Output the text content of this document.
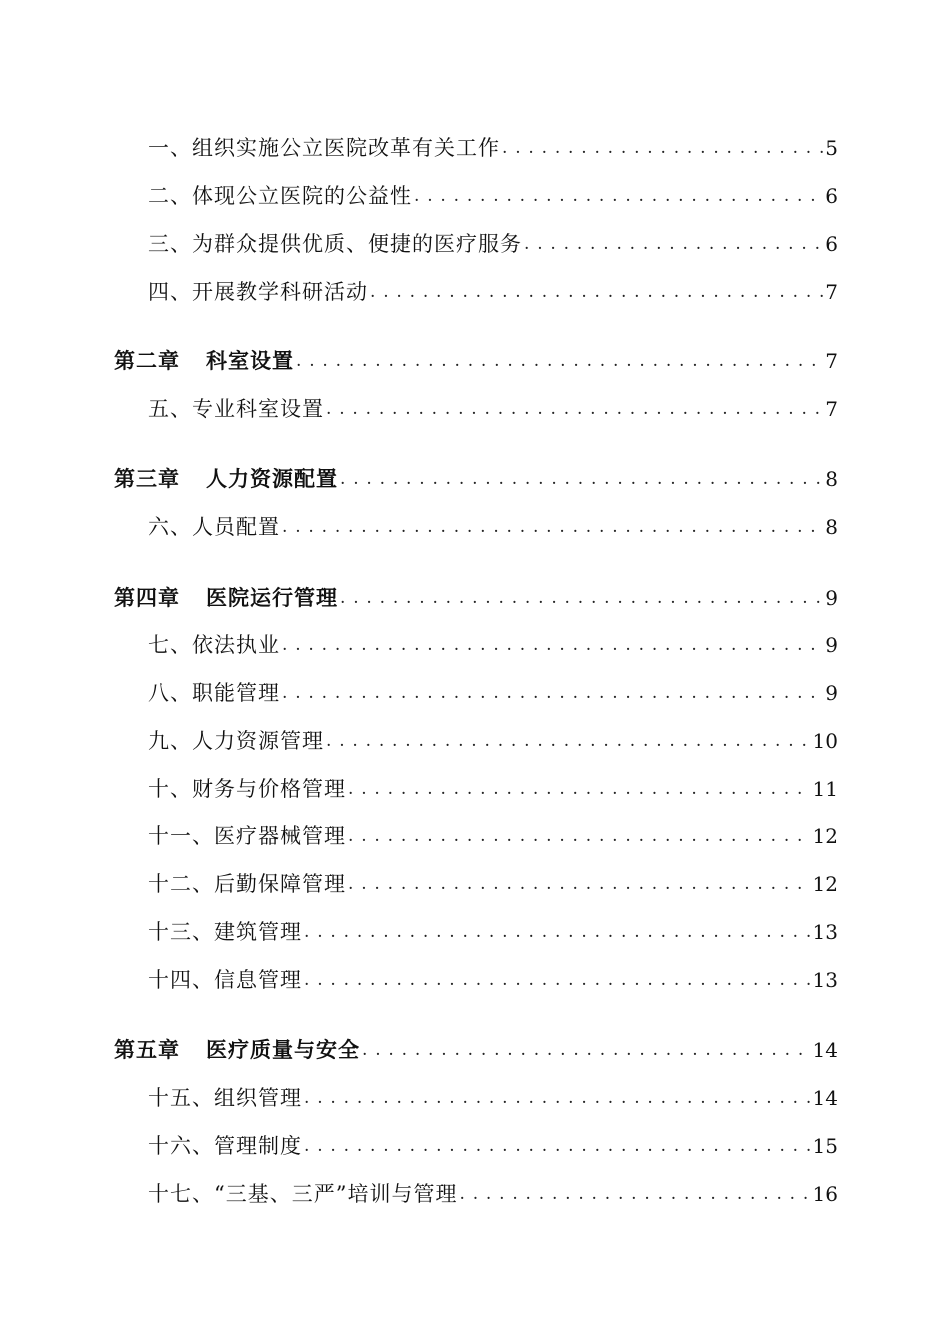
一、组织实施公立医院改革有关工作 . . .	5
二、体现公立医院的公益性 . . .	6
三、为群众提供优质、便捷的医疗服务 . . .	6
四、开展教学科研活动 . . .	7
第二章 科室设置 . . .	7
五、专业科室设置 . . .	7
第三章 人力资源配置 . . .	8
六、人员配置 . . .	8
第四章 医院运行管理 . . .	9
七、依法执业 . . .	9
八、职能管理 . . .	9
九、人力资源管理 . . .	10
十、财务与价格管理 . . .	11
十一、医疗器械管理 . . .	12
十二、后勤保障管理 . . .	12
十三、建筑管理 . . .	13
十四、信息管理 . . .	13
第五章 医疗质量与安全 . . .	14
十五、组织管理 . . .	14
十六、管理制度 . . .	15
十七、“三基、三严”培训与管理 . . .	16
